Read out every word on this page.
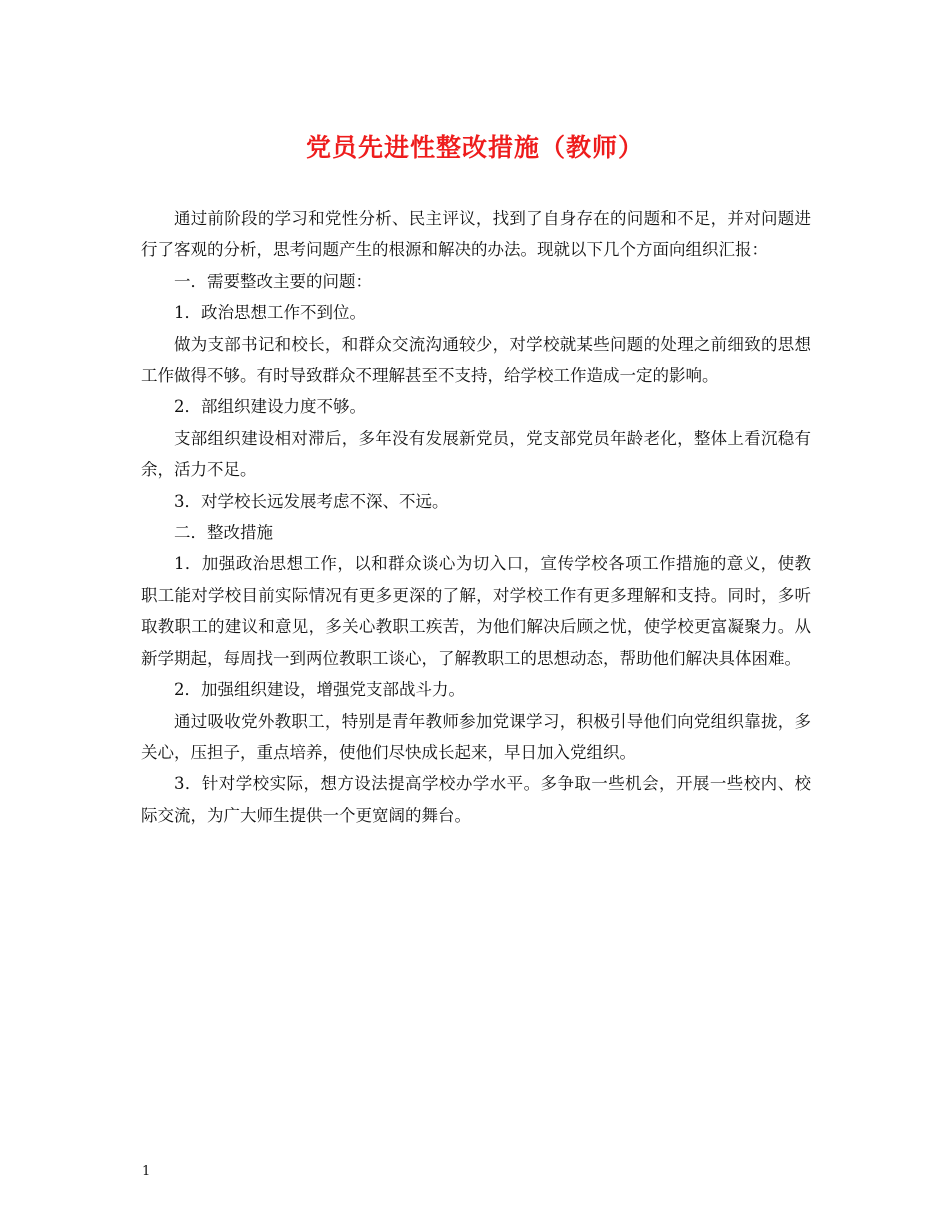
党员先进性整改措施（教师）

通过前阶段的学习和党性分析、民主评议，找到了自身存在的问题和不足，并对问题进行了客观的分析，思考问题产生的根源和解决的办法。现就以下几个方面向组织汇报：

一．需要整改主要的问题：

1．政治思想工作不到位。

做为支部书记和校长，和群众交流沟通较少，对学校就某些问题的处理之前细致的思想工作做得不够。有时导致群众不理解甚至不支持，给学校工作造成一定的影响。

2．部组织建设力度不够。

支部组织建设相对滞后，多年没有发展新党员，党支部党员年龄老化，整体上看沉稳有余，活力不足。

3．对学校长远发展考虑不深、不远。

二．整改措施

1．加强政治思想工作，以和群众谈心为切入口，宣传学校各项工作措施的意义，使教职工能对学校目前实际情况有更多更深的了解，对学校工作有更多理解和支持。同时，多听取教职工的建议和意见，多关心教职工疾苦，为他们解决后顾之忧，使学校更富凝聚力。从新学期起，每周找一到两位教职工谈心，了解教职工的思想动态，帮助他们解决具体困难。

2．加强组织建设，增强党支部战斗力。

通过吸收党外教职工，特别是青年教师参加党课学习，积极引导他们向党组织靠拢，多关心，压担子，重点培养，使他们尽快成长起来，早日加入党组织。

3．针对学校实际，想方设法提高学校办学水平。多争取一些机会，开展一些校内、校际交流，为广大师生提供一个更宽阔的舞台。

1
